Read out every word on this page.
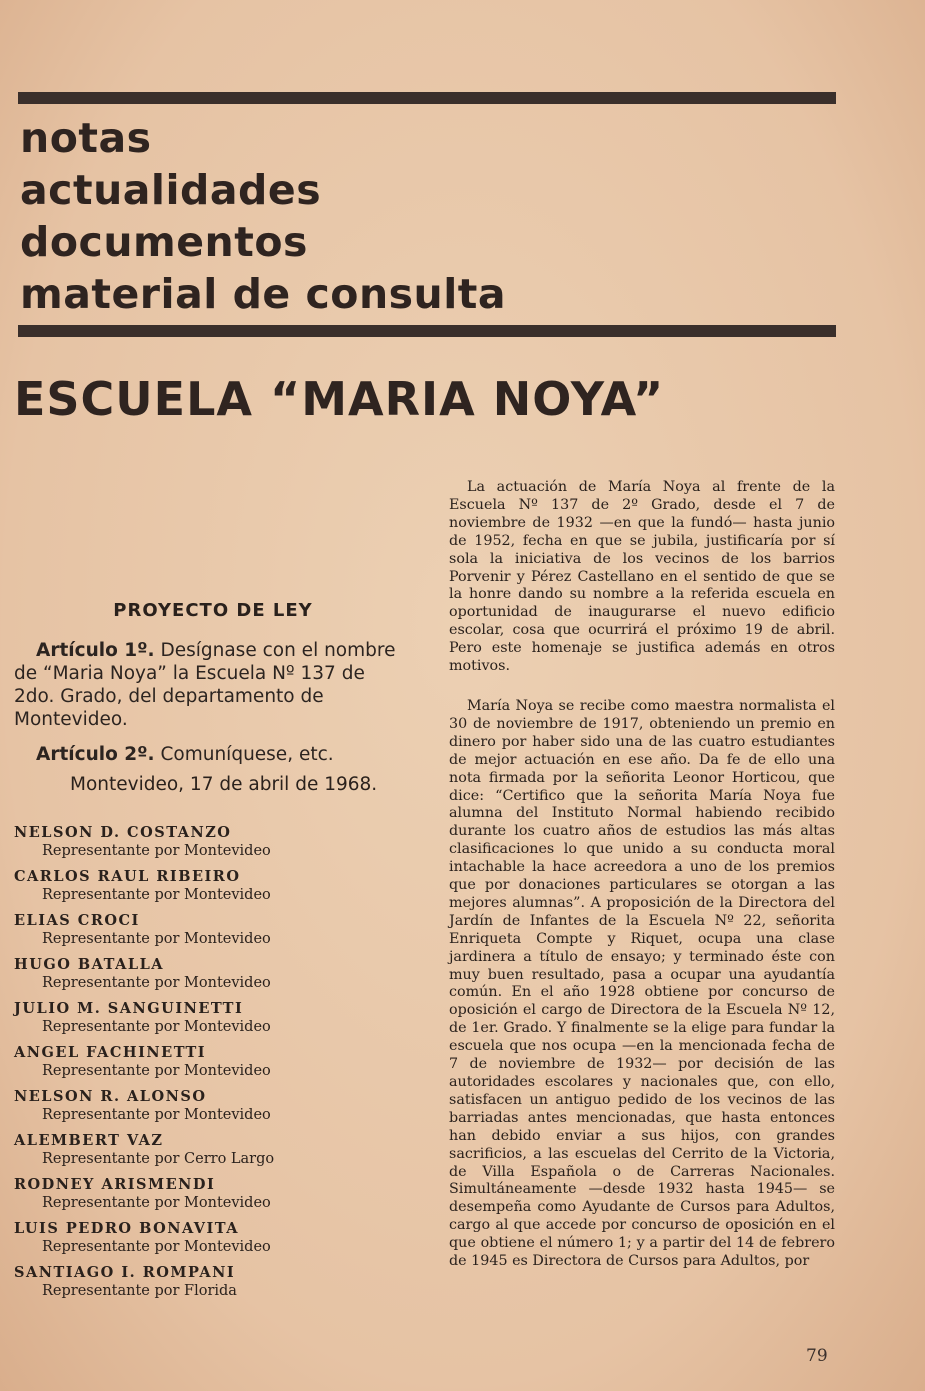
notas
actualidades
documentos
material de consulta
ESCUELA “MARIA NOYA”
PROYECTO DE LEY
Artículo 1º. Desígnase con el nombre de “Maria Noya” la Escuela Nº 137 de 2do. Grado, del departamento de Montevideo.
Artículo 2º. Comuníquese, etc.
Montevideo, 17 de abril de 1968.
NELSON D. COSTANZO
Representante por Montevideo
CARLOS RAUL RIBEIRO
Representante por Montevideo
ELIAS CROCI
Representante por Montevideo
HUGO BATALLA
Representante por Montevideo
JULIO M. SANGUINETTI
Representante por Montevideo
ANGEL FACHINETTI
Representante por Montevideo
NELSON R. ALONSO
Representante por Montevideo
ALEMBERT VAZ
Representante por Cerro Largo
RODNEY ARISMENDI
Representante por Montevideo
LUIS PEDRO BONAVITA
Representante por Montevideo
SANTIAGO I. ROMPANI
Representante por Florida

La actuación de María Noya al frente de la Escuela Nº 137 de 2º Grado, desde el 7 de noviembre de 1932 —en que la fundó— hasta junio de 1952, fecha en que se jubila, justificaría por sí sola la iniciativa de los vecinos de los barrios Porvenir y Pérez Castellano en el sentido de que se la honre dando su nombre a la referida escuela en oportunidad de inaugurarse el nuevo edificio escolar, cosa que ocurrirá el próximo 19 de abril. Pero este homenaje se justifica además en otros motivos.

María Noya se recibe como maestra normalista el 30 de noviembre de 1917, obteniendo un premio en dinero por haber sido una de las cuatro estudiantes de mejor actuación en ese año. Da fe de ello una nota firmada por la señorita Leonor Horticou, que dice: “Certifico que la señorita María Noya fue alumna del Instituto Normal habiendo recibido durante los cuatro años de estudios las más altas clasificaciones lo que unido a su conducta moral intachable la hace acreedora a uno de los premios que por donaciones particulares se otorgan a las mejores alumnas”. A proposición de la Directora del Jardín de Infantes de la Escuela Nº 22, señorita Enriqueta Compte y Riquet, ocupa una clase jardinera a título de ensayo; y terminado éste con muy buen resultado, pasa a ocupar una ayudantía común. En el año 1928 obtiene por concurso de oposición el cargo de Directora de la Escuela Nº 12, de 1er. Grado. Y finalmente se la elige para fundar la escuela que nos ocupa —en la mencionada fecha de 7 de noviembre de 1932— por decisión de las autoridades escolares y nacionales que, con ello, satisfacen un antiguo pedido de los vecinos de las barriadas antes mencionadas, que hasta entonces han debido enviar a sus hijos, con grandes sacrificios, a las escuelas del Cerrito de la Victoria, de Villa Española o de Carreras Nacionales. Simultáneamente —desde 1932 hasta 1945— se desempeña como Ayudante de Cursos para Adultos, cargo al que accede por concurso de oposición en el que obtiene el número 1; y a partir del 14 de febrero de 1945 es Directora de Cursos para Adultos, por

79
